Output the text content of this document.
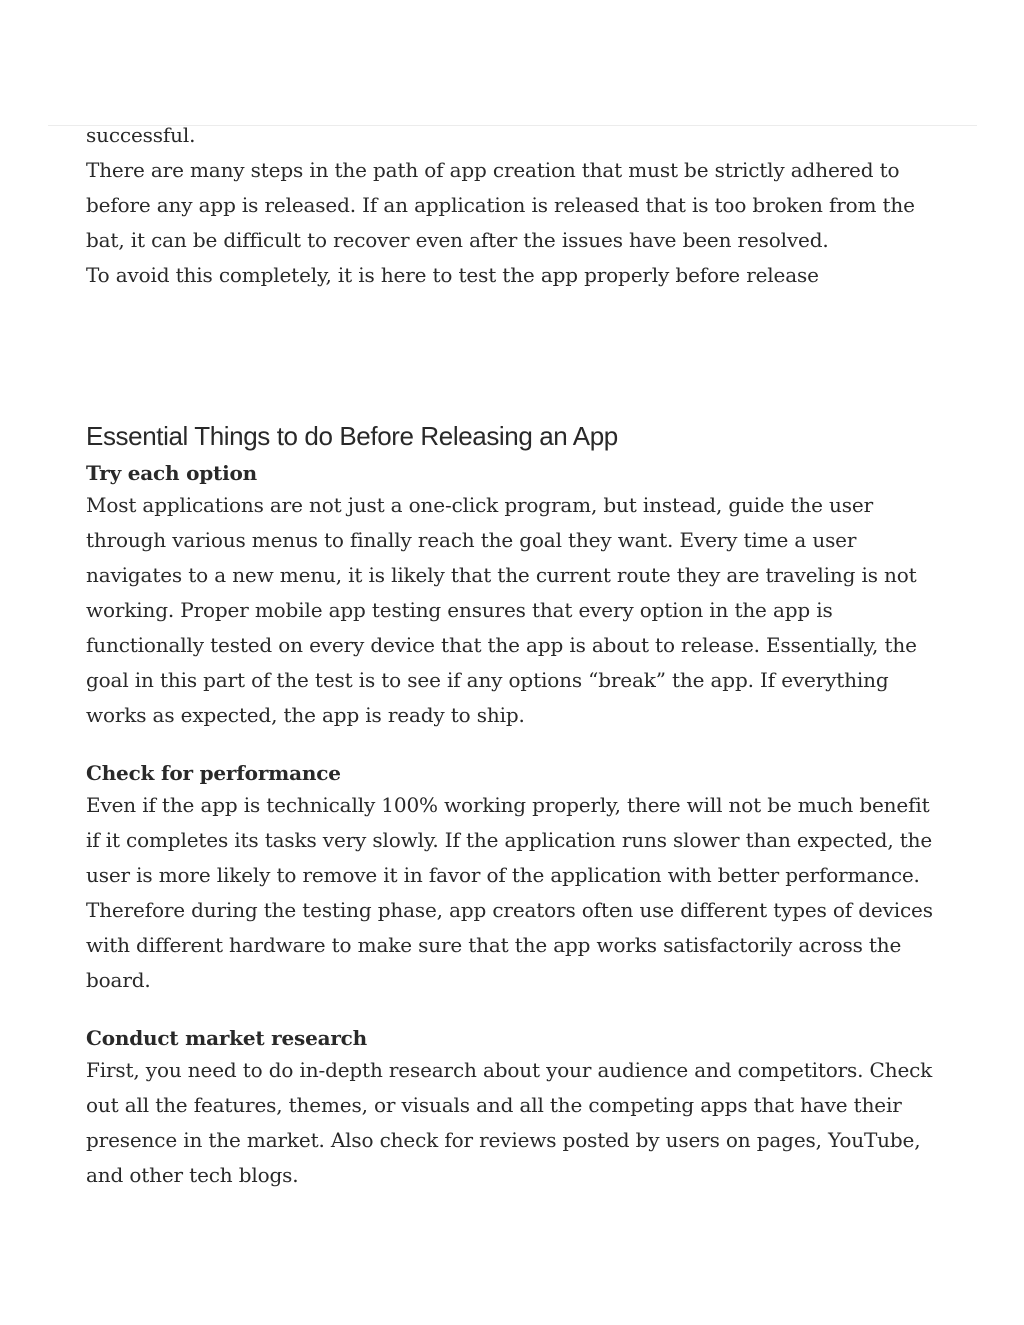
successful.

There are many steps in the path of app creation that must be strictly adhered to before any app is released. If an application is released that is too broken from the bat, it can be difficult to recover even after the issues have been resolved.

To avoid this completely, it is here to test the app properly before release

Essential Things to do Before Releasing an App
Try each option

Most applications are not just a one-click program, but instead, guide the user through various menus to finally reach the goal they want. Every time a user navigates to a new menu, it is likely that the current route they are traveling is not working. Proper mobile app testing ensures that every option in the app is functionally tested on every device that the app is about to release. Essentially, the goal in this part of the test is to see if any options “break” the app. If everything works as expected, the app is ready to ship.

Check for performance

Even if the app is technically 100% working properly, there will not be much benefit if it completes its tasks very slowly. If the application runs slower than expected, the user is more likely to remove it in favor of the application with better performance. Therefore during the testing phase, app creators often use different types of devices with different hardware to make sure that the app works satisfactorily across the board.

Conduct market research

First, you need to do in-depth research about your audience and competitors. Check out all the features, themes, or visuals and all the competing apps that have their presence in the market. Also check for reviews posted by users on pages, YouTube, and other tech blogs.
